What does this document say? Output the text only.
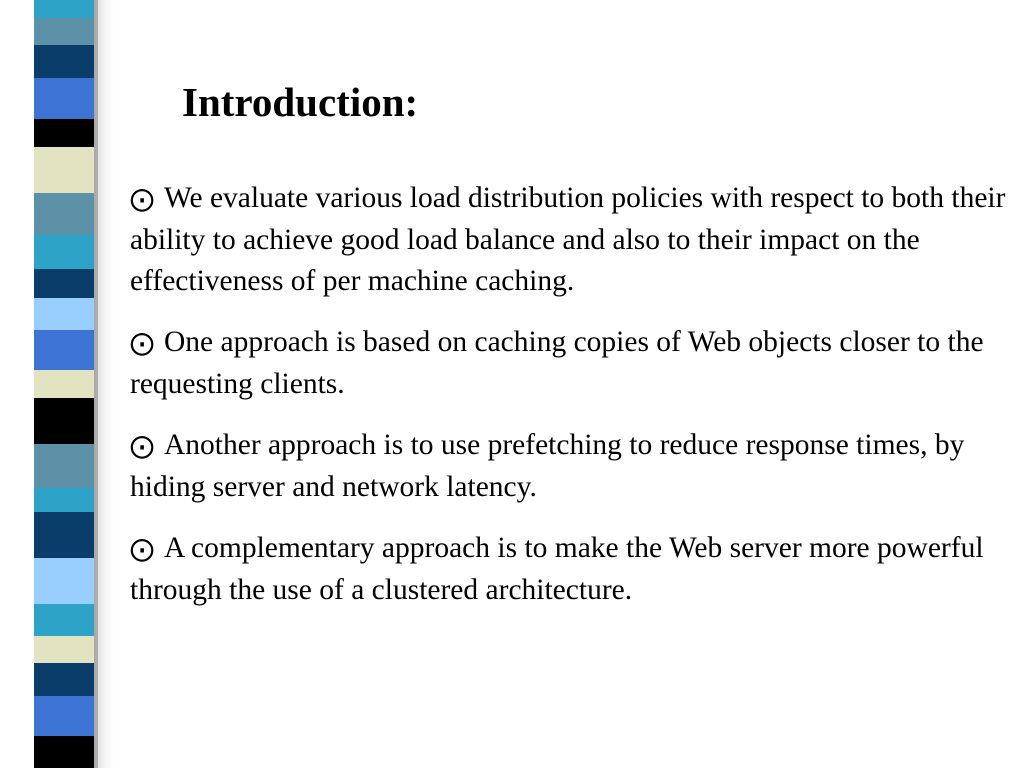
Introduction:

⨀ We evaluate various load distribution policies with respect to both their ability to achieve good load balance and also to their impact on the effectiveness of per machine caching.

⨀ One approach is based on caching copies of Web objects closer to the requesting clients.

⨀ Another approach is to use prefetching to reduce response times, by hiding server and network latency.

⨀ A complementary approach is to make the Web server more powerful through the use of a clustered architecture.
